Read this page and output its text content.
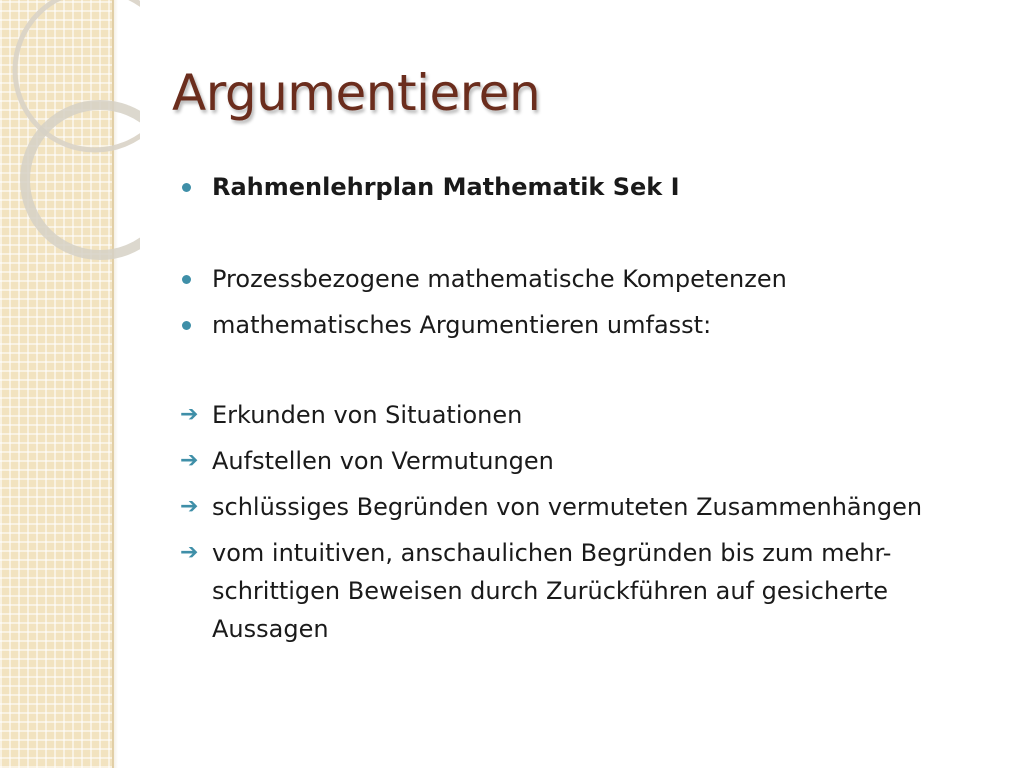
Argumentieren
Rahmenlehrplan Mathematik Sek I
Prozessbezogene mathematische Kompetenzen
mathematisches Argumentieren umfasst:
➔ Erkunden von Situationen
➔ Aufstellen von Vermutungen
➔ schlüssiges Begründen von vermuteten Zusammenhängen
➔ vom intuitiven, anschaulichen Begründen bis zum mehr-schrittigen Beweisen durch Zurückführen auf gesicherte Aussagen
